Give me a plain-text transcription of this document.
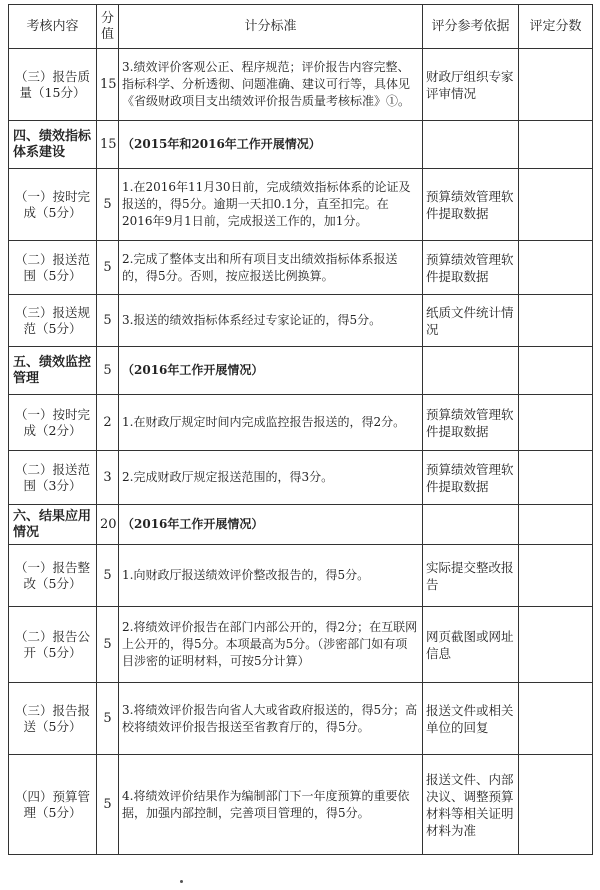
考核内容	分值	计分标准	评分参考依据	评定分数
（三）报告质量（15分）	15	3.绩效评价客观公正、程序规范；评价报告内容完整、指标科学、分析透彻、问题准确、建议可行等，具体见《省级财政项目支出绩效评价报告质量考核标准》①。	财政厅组织专家评审情况	
四、绩效指标体系建设	15	（2015年和2016年工作开展情况）		
（一）按时完成（5分）	5	1.在2016年11月30日前，完成绩效指标体系的论证及报送的，得5分。逾期一天扣0.1分，直至扣完。在2016年9月1日前，完成报送工作的，加1分。	预算绩效管理软件提取数据	
（二）报送范围（5分）	5	2.完成了整体支出和所有项目支出绩效指标体系报送的，得5分。否则，按应报送比例换算。	预算绩效管理软件提取数据	
（三）报送规范（5分）	5	3.报送的绩效指标体系经过专家论证的，得5分。	纸质文件统计情况	
五、绩效监控管理	5	（2016年工作开展情况）		
（一）按时完成（2分）	2	1.在财政厅规定时间内完成监控报告报送的，得2分。	预算绩效管理软件提取数据	
（二）报送范围（3分）	3	2.完成财政厅规定报送范围的，得3分。	预算绩效管理软件提取数据	
六、结果应用情况	20	（2016年工作开展情况）		
（一）报告整改（5分）	5	1.向财政厅报送绩效评价整改报告的，得5分。	实际提交整改报告	
（二）报告公开（5分）	5	2.将绩效评价报告在部门内部公开的，得2分；在互联网上公开的，得5分。本项最高为5分。（涉密部门如有项目涉密的证明材料，可按5分计算）	网页截图或网址信息	
（三）报告报送（5分）	5	3.将绩效评价报告向省人大或省政府报送的，得5分；高校将绩效评价报告报送至省教育厅的，得5分。	报送文件或相关单位的回复	
（四）预算管理（5分）	5	4.将绩效评价结果作为编制部门下一年度预算的重要依据，加强内部控制，完善项目管理的，得5分。	报送文件、内部决议、调整预算材料等相关证明材料为准	
